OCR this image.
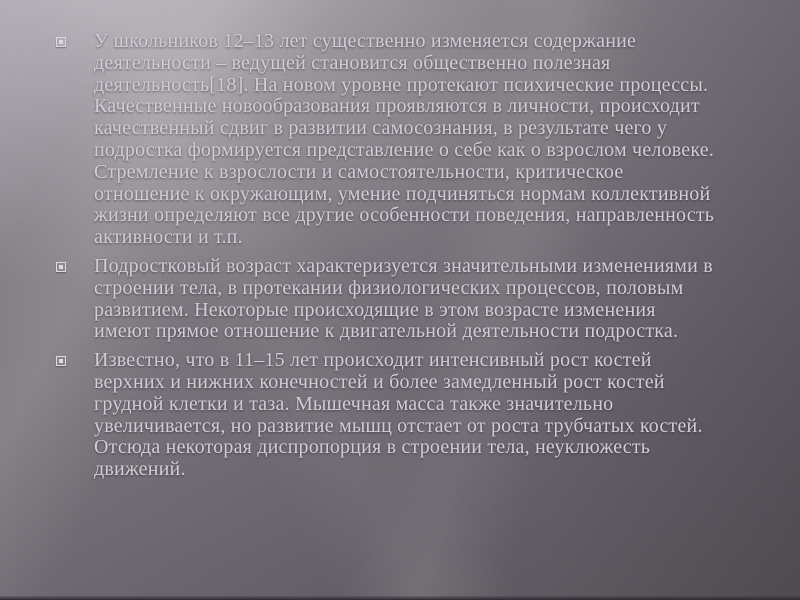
У школьников 12–13 лет существенно изменяется содержание деятельности – ведущей становится общественно полезная деятельность[18]. На новом уровне протекают психические процессы. Качественные новообразования проявляются в личности, происходит качественный сдвиг в развитии самосознания, в результате чего у подростка формируется представление о себе как о взрослом человеке. Стремление к взрослости и самостоятельности, критическое отношение к окружающим, умение подчиняться нормам коллективной жизни определяют все другие особенности поведения, направленность активности и т.п.
Подростковый возраст характеризуется значительными изменениями в строении тела, в протекании физиологических процессов, половым развитием. Некоторые происходящие в этом возрасте изменения имеют прямое отношение к двигательной деятельности подростка.
Известно, что в 11–15 лет происходит интенсивный рост костей верхних и нижних конечностей и более замедленный рост костей грудной клетки и таза. Мышечная масса также значительно увеличивается, но развитие мышц отстает от роста трубчатых костей. Отсюда некоторая диспропорция в строении тела, неуклюжесть движений.
